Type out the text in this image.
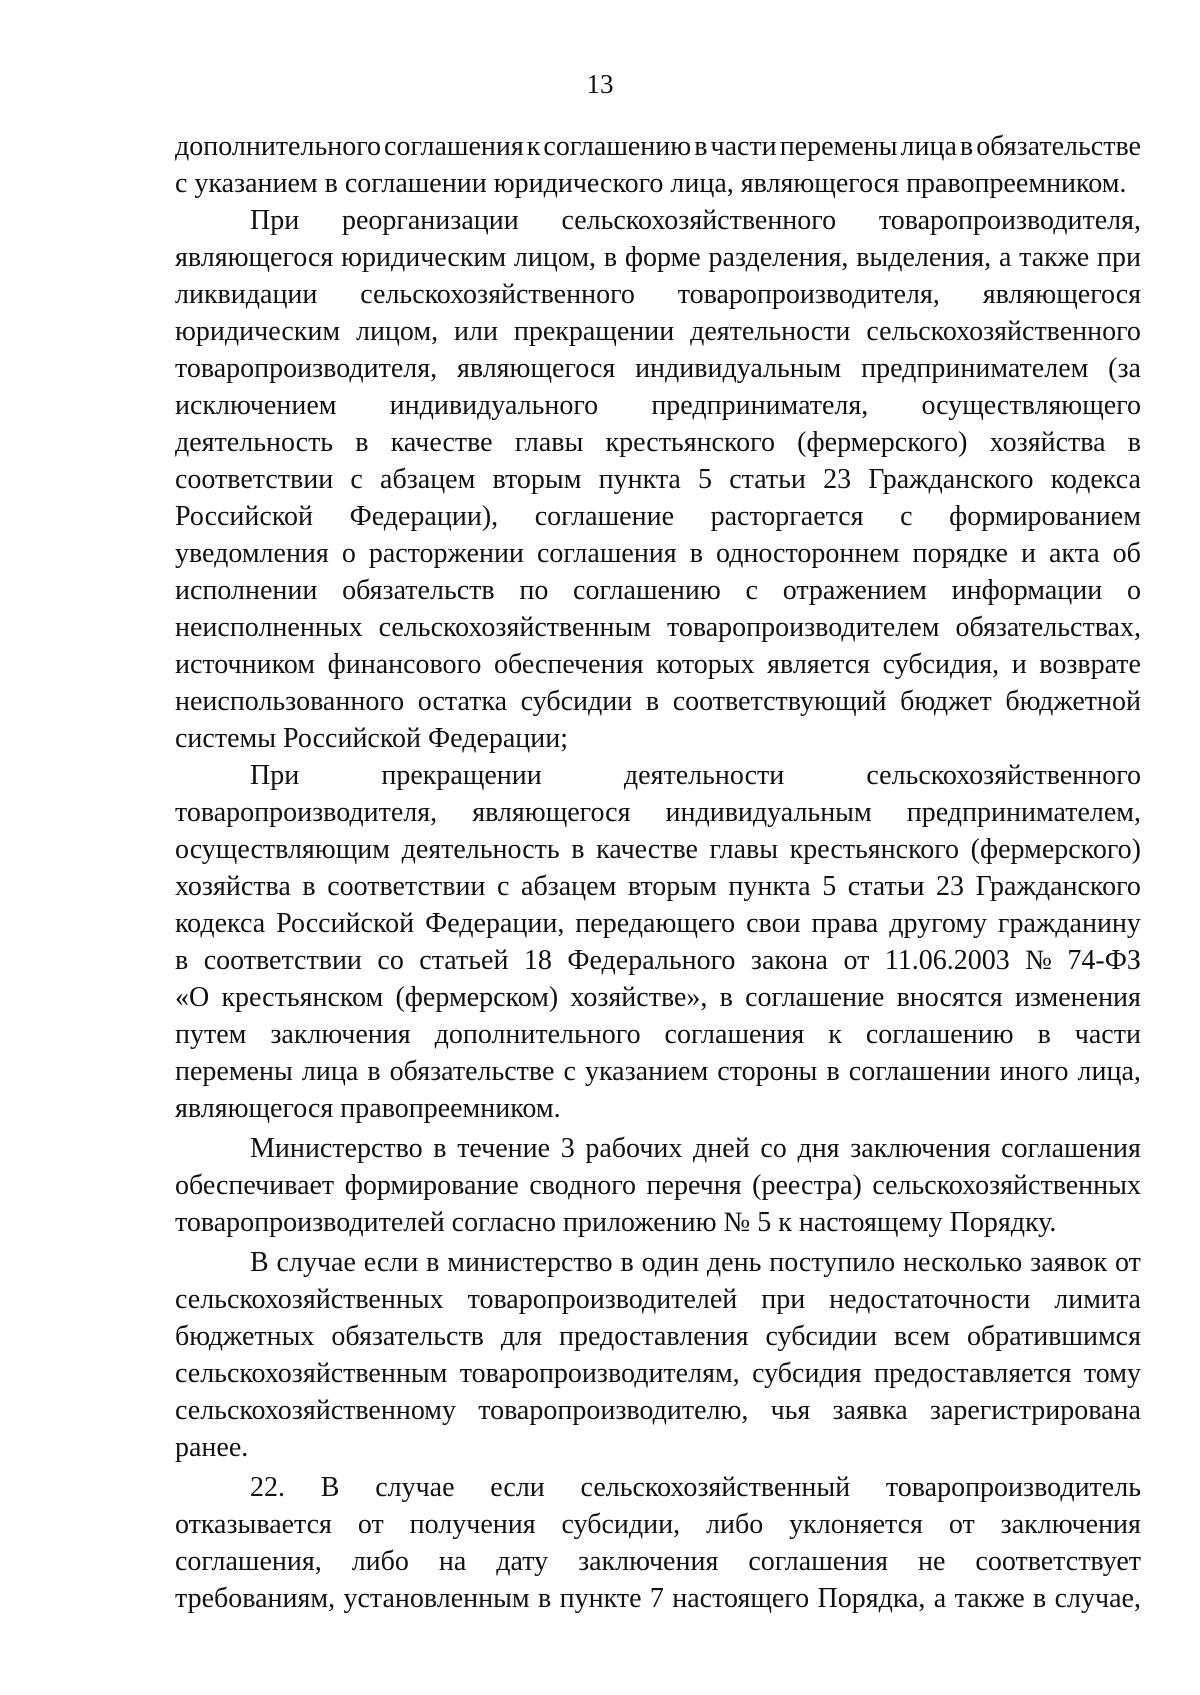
13
дополнительного соглашения к соглашению в части перемены лица в обязательстве
с указанием в соглашении юридического лица, являющегося правопреемником.
При реорганизации сельскохозяйственного товаропроизводителя,
являющегося юридическим лицом, в форме разделения, выделения, а также при
ликвидации сельскохозяйственного товаропроизводителя, являющегося
юридическим лицом, или прекращении деятельности сельскохозяйственного
товаропроизводителя, являющегося индивидуальным предпринимателем (за
исключением индивидуального предпринимателя, осуществляющего
деятельность в качестве главы крестьянского (фермерского) хозяйства в
соответствии с абзацем вторым пункта 5 статьи 23 Гражданского кодекса
Российской Федерации), соглашение расторгается с формированием
уведомления о расторжении соглашения в одностороннем порядке и акта об
исполнении обязательств по соглашению с отражением информации о
неисполненных сельскохозяйственным товаропроизводителем обязательствах,
источником финансового обеспечения которых является субсидия, и возврате
неиспользованного остатка субсидии в соответствующий бюджет бюджетной
системы Российской Федерации;
При	прекращении	деятельности	сельскохозяйственного
товаропроизводителя, являющегося индивидуальным предпринимателем,
осуществляющим деятельность в качестве главы крестьянского (фермерского)
хозяйства в соответствии с абзацем вторым пункта 5 статьи 23 Гражданского
кодекса Российской Федерации, передающего свои права другому гражданину
в соответствии со статьей 18 Федерального закона от 11.06.2003 № 74-ФЗ
«О крестьянском (фермерском) хозяйстве», в соглашение вносятся изменения
путем заключения дополнительного соглашения к соглашению в части
перемены лица в обязательстве с указанием стороны в соглашении иного лица,
являющегося правопреемником.
Министерство в течение 3 рабочих дней со дня заключения соглашения
обеспечивает формирование сводного перечня (реестра) сельскохозяйственных
товаропроизводителей согласно приложению № 5 к настоящему Порядку.
В случае если в министерство в один день поступило несколько заявок от
сельскохозяйственных товаропроизводителей при недостаточности лимита
бюджетных обязательств для предоставления субсидии всем обратившимся
сельскохозяйственным товаропроизводителям, субсидия предоставляется тому
сельскохозяйственному товаропроизводителю, чья заявка зарегистрирована
ранее.
22. В случае если сельскохозяйственный товаропроизводитель
отказывается от получения субсидии, либо уклоняется от заключения
соглашения, либо на дату заключения соглашения не соответствует
требованиям, установленным в пункте 7 настоящего Порядка, а также в случае,
